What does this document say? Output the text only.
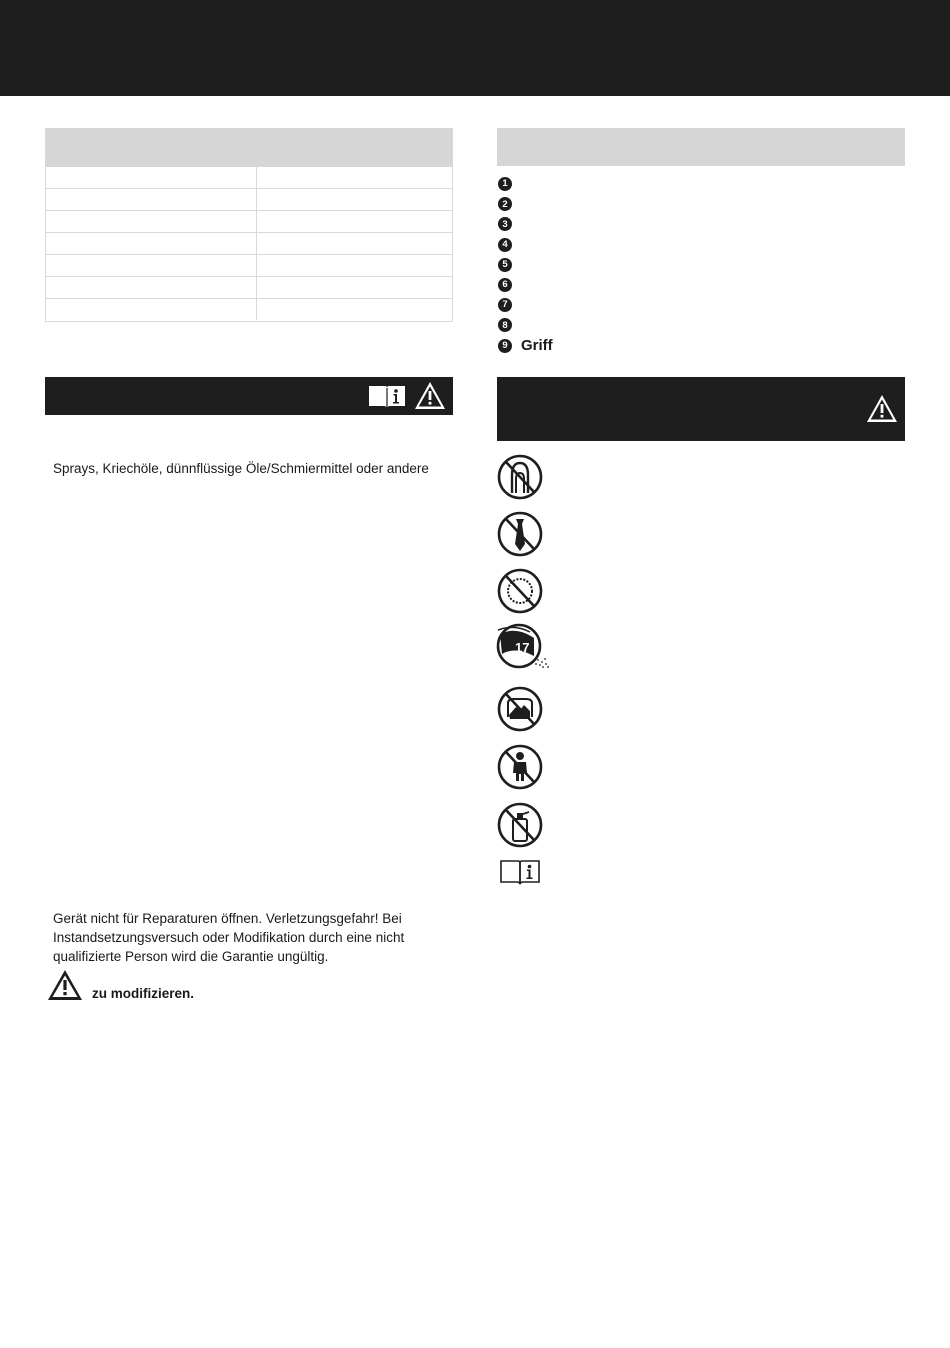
1
2
3
4
5
6
7
8
9 Griff

Sprays, Kriechöle, dünnflüssige Öle/Schmiermittel oder andere

Gerät nicht für Reparaturen öffnen. Verletzungsgefahr! Bei

Instandsetzungsversuch oder Modifikation durch eine nicht

qualifizierte Person wird die Garantie ungültig.

zu modifizieren.
17
